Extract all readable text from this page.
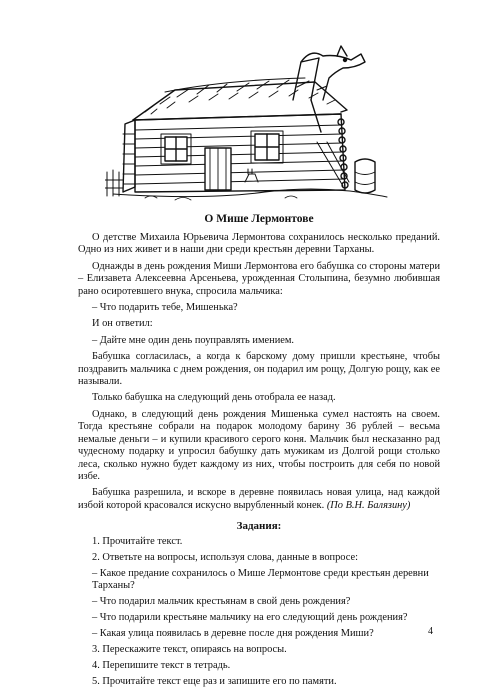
О Мише Лермонтове

О детстве Михаила Юрьевича Лермонтова сохранилось несколько преданий. Одно из них живет и в наши дни среди крестьян деревни Тарханы.

Однажды в день рождения Миши Лермонтова его бабушка со стороны матери – Елизавета Алексеевна Арсеньева, урожденная Столыпина, безумно любившая рано осиротевшего внука, спросила мальчика:

– Что подарить тебе, Мишенька?

И он ответил:

– Дайте мне один день поуправлять имением.

Бабушка согласилась, а когда к барскому дому пришли крестьяне, чтобы поздравить мальчика с днем рождения, он подарил им рощу, Долгую рощу, как ее называли.

Только бабушка на следующий день отобрала ее назад.

Однако, в следующий день рождения Мишенька сумел настоять на своем. Тогда крестьяне собрали на подарок молодому барину 36 рублей – весьма немалые деньги – и купили красивого серого коня. Мальчик был несказанно рад чудесному подарку и упросил бабушку дать мужикам из Долгой рощи столько леса, сколько нужно будет каждому из них, чтобы построить для себя по новой избе.

Бабушка разрешила, и вскоре в деревне появилась новая улица, над каждой избой которой красовался искусно вырубленный конек. (По В.Н. Балязину)

Задания:
1. Прочитайте текст.
2. Ответьте на вопросы, используя слова, данные в вопросе:
– Какое предание сохранилось о Мише Лермонтове среди крестьян деревни Тарханы?
– Что подарил мальчик крестьянам в свой день рождения?
– Что подарили крестьяне мальчику на его следующий день рождения?
– Какая улица появилась в деревне после дня рождения Миши?
3. Перескажите текст, опираясь на вопросы.
4. Перепишите текст в тетрадь.
5. Прочитайте текст еще раз и запишите его по памяти.
4
